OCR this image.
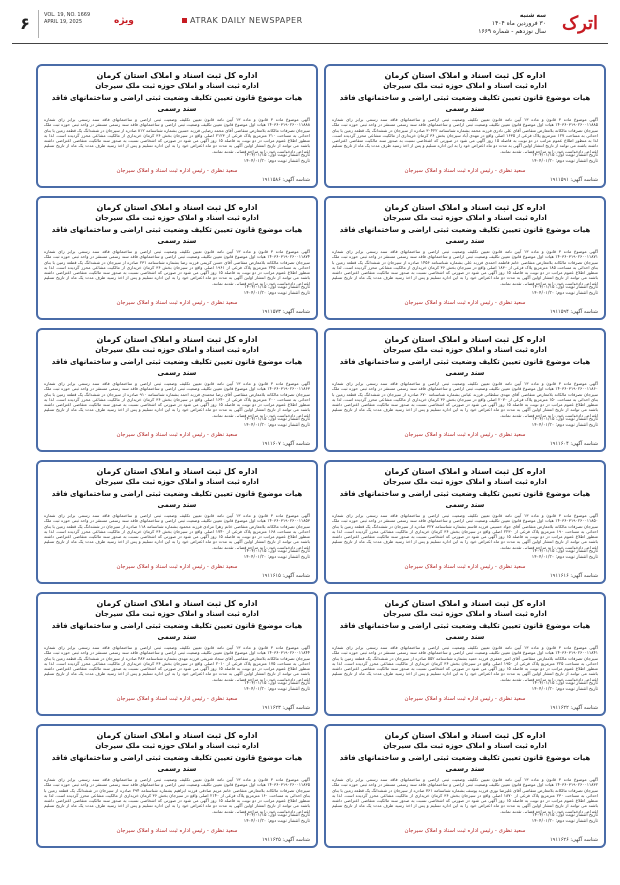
۶	VOL. 19, NO. 1669 APRIL 19, 2025	ویژه	ATRAK DAILY NEWSPAPER
سه شنبه
۳۰ فروردین ماه ۱۴۰۴
سال نوزدهم - شماره ۱۶۶۹ اترک
اداره کل ثبت اسناد و املاک استان کرمان
اداره ثبت اسناد و املاک حوزه ثبت ملک سیرجان
هیات موضوع قانون تعیین تکلیف وضعیت ثبتی اراضی و ساختمانهای فاقد سند رسمی
آگهی موضوع ماده ۳ قانون و ماده ۱۳ آیین نامه قانون تعیین تکلیف وضعیت ثبتی اراضی و ساختمانهای فاقد سند رسمی برابر رای شماره ۱۴۰۳۶۰۳۱۹۰۲۶۰۰۱۱۸۸۵ هیات اول موضوع قانون تعیین تکلیف وضعیت ثبتی اراضی و ساختمانهای فاقد سند رسمی مستقر در واحد ثبتی حوزه ثبت ملک سیرجان تصرفات مالکانه بلامعارض متقاضی آقای علی نادری فرزند محمد بشماره شناسنامه ۳۰۴۲۲ صادره از سیرجان در ششدانگ یک قطعه زمین با بنای احداثی به مساحت ۱۲۷ مترمربع پلاک فرعی از ۱۶۳۵ اصلی واقع در مهدی آباد سیرجان بخش ۳۶ کرمان خریداری از مالکیت مشاعی محرز گردیده است. لذا به منظور اطلاع عموم مراتب در دو نوبت به فاصله ۱۵ روز آگهی می شود در صورتی که اشخاصی نسبت به صدور سند مالکیت متقاضی اعتراضی داشته باشند می توانند از تاریخ انتشار اولین آگهی به مدت دو ماه اعتراض خود را به این اداره تسلیم و پس از اخذ رسید ظرف مدت یک ماه از تاریخ تسلیم اعتراض دادخواست خود را به مراجع قضایی تقدیم نمایند.
تاریخ انتشار نوبت اول: ۱۴۰۴/۰۱/۱۵
تاریخ انتشار نوبت دوم: ۱۴۰۴/۰۱/۳۰
سعید نظری - رئیس اداره ثبت اسناد و املاک سیرجان
شناسه آگهی: ۱۹۱۱۵۹۱
اداره کل ثبت اسناد و املاک استان کرمان
اداره ثبت اسناد و املاک حوزه ثبت ملک سیرجان
هیات موضوع قانون تعیین تکلیف وضعیت ثبتی اراضی و ساختمانهای فاقد سند رسمی
آگهی موضوع ماده ۳ قانون و ماده ۱۳ آیین نامه قانون تعیین تکلیف وضعیت ثبتی اراضی و ساختمانهای فاقد سند رسمی برابر رای شماره ۱۴۰۳۶۰۳۱۹۰۲۶۰۰۱۱۸۸۸ هیات اول موضوع قانون تعیین تکلیف وضعیت ثبتی اراضی و ساختمانهای فاقد سند رسمی مستقر در واحد ثبتی حوزه ثبت ملک سیرجان تصرفات مالکانه بلامعارض متقاضی آقای محمد رضایی فرزند حسین بشماره شناسنامه ۸۱۲ صادره از سیرجان در ششدانگ یک قطعه زمین با بنای احداثی به مساحت ۲۱۰ مترمربع پلاک فرعی از ۲۱۲۳ اصلی واقع در سیرجان بخش ۳۶ کرمان خریداری از مالکیت مشاعی محرز گردیده است. لذا به منظور اطلاع عموم مراتب در دو نوبت به فاصله ۱۵ روز آگهی می شود در صورتی که اشخاصی نسبت به صدور سند مالکیت متقاضی اعتراضی داشته باشند می توانند از تاریخ انتشار اولین آگهی به مدت دو ماه اعتراض خود را به این اداره تسلیم و پس از اخذ رسید ظرف مدت یک ماه از تاریخ تسلیم اعتراض دادخواست خود را به مراجع قضایی تقدیم نمایند.
تاریخ انتشار نوبت اول: ۱۴۰۴/۰۱/۱۵
تاریخ انتشار نوبت دوم: ۱۴۰۴/۰۱/۳۰
سعید نظری - رئیس اداره ثبت اسناد و املاک سیرجان
شناسه آگهی: ۱۹۱۱۵۸۶
اداره کل ثبت اسناد و املاک استان کرمان
اداره ثبت اسناد و املاک حوزه ثبت ملک سیرجان
هیات موضوع قانون تعیین تکلیف وضعیت ثبتی اراضی و ساختمانهای فاقد سند رسمی
آگهی موضوع ماده ۳ قانون و ماده ۱۳ آیین نامه قانون تعیین تکلیف وضعیت ثبتی اراضی و ساختمانهای فاقد سند رسمی برابر رای شماره ۱۴۰۳۶۰۳۱۹۰۲۶۰۰۱۱۸۷۱ هیات اول موضوع قانون تعیین تکلیف وضعیت ثبتی اراضی و ساختمانهای فاقد سند رسمی مستقر در واحد ثبتی حوزه ثبت ملک سیرجان تصرفات مالکانه بلامعارض متقاضی خانم فاطمه احمدی فرزند علی بشماره شناسنامه ۱۴۵۶ صادره از سیرجان در ششدانگ یک قطعه زمین با بنای احداثی به مساحت ۱۸۵ مترمربع پلاک فرعی از ۱۸۳۰ اصلی واقع در سیرجان بخش ۳۶ کرمان خریداری از مالکیت مشاعی محرز گردیده است. لذا به منظور اطلاع عموم مراتب در دو نوبت به فاصله ۱۵ روز آگهی می شود در صورتی که اشخاصی نسبت به صدور سند مالکیت متقاضی اعتراضی داشته باشند می توانند از تاریخ انتشار اولین آگهی به مدت دو ماه اعتراض خود را به این اداره تسلیم و پس از اخذ رسید ظرف مدت یک ماه از تاریخ تسلیم اعتراض دادخواست خود را به مراجع قضایی تقدیم نمایند.
تاریخ انتشار نوبت اول: ۱۴۰۴/۰۱/۱۵
تاریخ انتشار نوبت دوم: ۱۴۰۴/۰۱/۳۰
سعید نظری - رئیس اداره ثبت اسناد و املاک سیرجان
شناسه آگهی: ۱۹۱۱۵۹۴
اداره کل ثبت اسناد و املاک استان کرمان
اداره ثبت اسناد و املاک حوزه ثبت ملک سیرجان
هیات موضوع قانون تعیین تکلیف وضعیت ثبتی اراضی و ساختمانهای فاقد سند رسمی
آگهی موضوع ماده ۳ قانون و ماده ۱۳ آیین نامه قانون تعیین تکلیف وضعیت ثبتی اراضی و ساختمانهای فاقد سند رسمی برابر رای شماره ۱۴۰۳۶۰۳۱۹۰۲۶۰۰۱۱۸۷۴ هیات اول موضوع قانون تعیین تکلیف وضعیت ثبتی اراضی و ساختمانهای فاقد سند رسمی مستقر در واحد ثبتی حوزه ثبت ملک سیرجان تصرفات مالکانه بلامعارض متقاضی آقای حسن کریمی فرزند رضا بشماره شناسنامه ۲۳۱ صادره از سیرجان در ششدانگ یک قطعه زمین با بنای احداثی به مساحت ۲۴۵ مترمربع پلاک فرعی از ۱۹۶۱ اصلی واقع در سیرجان بخش ۳۶ کرمان خریداری از مالکیت مشاعی محرز گردیده است. لذا به منظور اطلاع عموم مراتب در دو نوبت به فاصله ۱۵ روز آگهی می شود در صورتی که اشخاصی نسبت به صدور سند مالکیت متقاضی اعتراضی داشته باشند می توانند از تاریخ انتشار اولین آگهی به مدت دو ماه اعتراض خود را به این اداره تسلیم و پس از اخذ رسید ظرف مدت یک ماه از تاریخ تسلیم اعتراض دادخواست خود را به مراجع قضایی تقدیم نمایند.
تاریخ انتشار نوبت اول: ۱۴۰۴/۰۱/۱۵
تاریخ انتشار نوبت دوم: ۱۴۰۴/۰۱/۳۰
سعید نظری - رئیس اداره ثبت اسناد و املاک سیرجان
شناسه آگهی: ۱۹۱۱۵۷۳
اداره کل ثبت اسناد و املاک استان کرمان
اداره ثبت اسناد و املاک حوزه ثبت ملک سیرجان
هیات موضوع قانون تعیین تکلیف وضعیت ثبتی اراضی و ساختمانهای فاقد سند رسمی
آگهی موضوع ماده ۳ قانون و ماده ۱۳ آیین نامه قانون تعیین تکلیف وضعیت ثبتی اراضی و ساختمانهای فاقد سند رسمی برابر رای شماره ۱۴۰۳۶۰۳۱۹۰۲۶۰۰۱۱۸۶۰ هیات اول موضوع قانون تعیین تکلیف وضعیت ثبتی اراضی و ساختمانهای فاقد سند رسمی مستقر در واحد ثبتی حوزه ثبت ملک سیرجان تصرفات مالکانه بلامعارض متقاضی آقای مهدی سلطانی فرزند عباس بشماره شناسنامه ۶۷۰ صادره از سیرجان در ششدانگ یک قطعه زمین با بنای احداثی به مساحت ۱۵۰ مترمربع پلاک فرعی از ۲۰۷۰ اصلی واقع در سیرجان بخش ۳۶ کرمان خریداری از مالکیت مشاعی محرز گردیده است. لذا به منظور اطلاع عموم مراتب در دو نوبت به فاصله ۱۵ روز آگهی می شود در صورتی که اشخاصی نسبت به صدور سند مالکیت متقاضی اعتراضی داشته باشند می توانند از تاریخ انتشار اولین آگهی به مدت دو ماه اعتراض خود را به این اداره تسلیم و پس از اخذ رسید ظرف مدت یک ماه از تاریخ تسلیم اعتراض دادخواست خود را به مراجع قضایی تقدیم نمایند.
تاریخ انتشار نوبت اول: ۱۴۰۴/۰۱/۱۵
تاریخ انتشار نوبت دوم: ۱۴۰۴/۰۱/۳۰
سعید نظری - رئیس اداره ثبت اسناد و املاک سیرجان
شناسه آگهی: ۱۹۱۱۶۰۴
اداره کل ثبت اسناد و املاک استان کرمان
اداره ثبت اسناد و املاک حوزه ثبت ملک سیرجان
هیات موضوع قانون تعیین تکلیف وضعیت ثبتی اراضی و ساختمانهای فاقد سند رسمی
آگهی موضوع ماده ۳ قانون و ماده ۱۳ آیین نامه قانون تعیین تکلیف وضعیت ثبتی اراضی و ساختمانهای فاقد سند رسمی برابر رای شماره ۱۴۰۳۶۰۳۱۹۰۲۶۰۰۱۱۸۶۳ هیات اول موضوع قانون تعیین تکلیف وضعیت ثبتی اراضی و ساختمانهای فاقد سند رسمی مستقر در واحد ثبتی حوزه ثبت ملک سیرجان تصرفات مالکانه بلامعارض متقاضی آقای رضا محمدی فرزند احمد بشماره شناسنامه ۹۱۰ صادره از سیرجان در ششدانگ یک قطعه زمین با بنای احداثی به مساحت ۲۰۰ مترمربع پلاک فرعی از ۱۶۴۰ اصلی واقع در سیرجان بخش ۳۶ کرمان خریداری از مالکیت مشاعی محرز گردیده است. لذا به منظور اطلاع عموم مراتب در دو نوبت به فاصله ۱۵ روز آگهی می شود در صورتی که اشخاصی نسبت به صدور سند مالکیت متقاضی اعتراضی داشته باشند می توانند از تاریخ انتشار اولین آگهی به مدت دو ماه اعتراض خود را به این اداره تسلیم و پس از اخذ رسید ظرف مدت یک ماه از تاریخ تسلیم اعتراض دادخواست خود را به مراجع قضایی تقدیم نمایند.
تاریخ انتشار نوبت اول: ۱۴۰۴/۰۱/۱۵
تاریخ انتشار نوبت دوم: ۱۴۰۴/۰۱/۳۰
سعید نظری - رئیس اداره ثبت اسناد و املاک سیرجان
شناسه آگهی: ۱۹۱۱۶۰۷
اداره کل ثبت اسناد و املاک استان کرمان
اداره ثبت اسناد و املاک حوزه ثبت ملک سیرجان
هیات موضوع قانون تعیین تکلیف وضعیت ثبتی اراضی و ساختمانهای فاقد سند رسمی
آگهی موضوع ماده ۳ قانون و ماده ۱۳ آیین نامه قانون تعیین تکلیف وضعیت ثبتی اراضی و ساختمانهای فاقد سند رسمی برابر رای شماره ۱۴۰۳۶۰۳۱۹۰۲۶۰۰۱۱۸۵۰ هیات اول موضوع قانون تعیین تکلیف وضعیت ثبتی اراضی و ساختمانهای فاقد سند رسمی مستقر در واحد ثبتی حوزه ثبت ملک سیرجان تصرفات مالکانه بلامعارض متقاضی آقای جواد حسینی فرزند قاسم بشماره شناسنامه ۳۲۷ صادره از سیرجان در ششدانگ یک قطعه زمین با بنای احداثی به مساحت ۱۹۰ مترمربع پلاک فرعی از ۲۲۳۰ اصلی واقع در سیرجان بخش ۳۶ کرمان خریداری از مالکیت مشاعی محرز گردیده است. لذا به منظور اطلاع عموم مراتب در دو نوبت به فاصله ۱۵ روز آگهی می شود در صورتی که اشخاصی نسبت به صدور سند مالکیت متقاضی اعتراضی داشته باشند می توانند از تاریخ انتشار اولین آگهی به مدت دو ماه اعتراض خود را به این اداره تسلیم و پس از اخذ رسید ظرف مدت یک ماه از تاریخ تسلیم اعتراض دادخواست خود را به مراجع قضایی تقدیم نمایند.
تاریخ انتشار نوبت اول: ۱۴۰۴/۰۱/۱۵
تاریخ انتشار نوبت دوم: ۱۴۰۴/۰۱/۳۰
سعید نظری - رئیس اداره ثبت اسناد و املاک سیرجان
شناسه آگهی: ۱۹۱۱۶۱۶
اداره کل ثبت اسناد و املاک استان کرمان
اداره ثبت اسناد و املاک حوزه ثبت ملک سیرجان
هیات موضوع قانون تعیین تکلیف وضعیت ثبتی اراضی و ساختمانهای فاقد سند رسمی
آگهی موضوع ماده ۳ قانون و ماده ۱۳ آیین نامه قانون تعیین تکلیف وضعیت ثبتی اراضی و ساختمانهای فاقد سند رسمی برابر رای شماره ۱۴۰۳۶۰۳۱۹۰۲۶۰۰۱۱۸۵۳ هیات اول موضوع قانون تعیین تکلیف وضعیت ثبتی اراضی و ساختمانهای فاقد سند رسمی مستقر در واحد ثبتی حوزه ثبت ملک سیرجان تصرفات مالکانه بلامعارض متقاضی خانم زهرا مرادی فرزند محمود بشماره شناسنامه ۱۱۸ صادره از سیرجان در ششدانگ یک قطعه زمین با بنای احداثی به مساحت ۱۶۸ مترمربع پلاک فرعی از ۱۷۴۰ اصلی واقع در سیرجان بخش ۳۶ کرمان خریداری از مالکیت مشاعی محرز گردیده است. لذا به منظور اطلاع عموم مراتب در دو نوبت به فاصله ۱۵ روز آگهی می شود در صورتی که اشخاصی نسبت به صدور سند مالکیت متقاضی اعتراضی داشته باشند می توانند از تاریخ انتشار اولین آگهی به مدت دو ماه اعتراض خود را به این اداره تسلیم و پس از اخذ رسید ظرف مدت یک ماه از تاریخ تسلیم اعتراض دادخواست خود را به مراجع قضایی تقدیم نمایند.
تاریخ انتشار نوبت اول: ۱۴۰۴/۰۱/۱۵
تاریخ انتشار نوبت دوم: ۱۴۰۴/۰۱/۳۰
سعید نظری - رئیس اداره ثبت اسناد و املاک سیرجان
شناسه آگهی: ۱۹۱۱۶۱۵
اداره کل ثبت اسناد و املاک استان کرمان
اداره ثبت اسناد و املاک حوزه ثبت ملک سیرجان
هیات موضوع قانون تعیین تکلیف وضعیت ثبتی اراضی و ساختمانهای فاقد سند رسمی
آگهی موضوع ماده ۳ قانون و ماده ۱۳ آیین نامه قانون تعیین تکلیف وضعیت ثبتی اراضی و ساختمانهای فاقد سند رسمی برابر رای شماره ۱۴۰۳۶۰۳۱۹۰۲۶۰۰۱۱۸۴۱ هیات اول موضوع قانون تعیین تکلیف وضعیت ثبتی اراضی و ساختمانهای فاقد سند رسمی مستقر در واحد ثبتی حوزه ثبت ملک سیرجان تصرفات مالکانه بلامعارض متقاضی آقای امیر جعفری فرزند حمید بشماره شناسنامه ۵۵۲ صادره از سیرجان در ششدانگ یک قطعه زمین با بنای احداثی به مساحت ۲۲۵ مترمربع پلاک فرعی از ۱۹۵۰ اصلی واقع در سیرجان بخش ۳۶ کرمان خریداری از مالکیت مشاعی محرز گردیده است. لذا به منظور اطلاع عموم مراتب در دو نوبت به فاصله ۱۵ روز آگهی می شود در صورتی که اشخاصی نسبت به صدور سند مالکیت متقاضی اعتراضی داشته باشند می توانند از تاریخ انتشار اولین آگهی به مدت دو ماه اعتراض خود را به این اداره تسلیم و پس از اخذ رسید ظرف مدت یک ماه از تاریخ تسلیم اعتراض دادخواست خود را به مراجع قضایی تقدیم نمایند.
تاریخ انتشار نوبت اول: ۱۴۰۴/۰۱/۱۵
تاریخ انتشار نوبت دوم: ۱۴۰۴/۰۱/۳۰
سعید نظری - رئیس اداره ثبت اسناد و املاک سیرجان
شناسه آگهی: ۱۹۱۱۶۲۲
اداره کل ثبت اسناد و املاک استان کرمان
اداره ثبت اسناد و املاک حوزه ثبت ملک سیرجان
هیات موضوع قانون تعیین تکلیف وضعیت ثبتی اراضی و ساختمانهای فاقد سند رسمی
آگهی موضوع ماده ۳ قانون و ماده ۱۳ آیین نامه قانون تعیین تکلیف وضعیت ثبتی اراضی و ساختمانهای فاقد سند رسمی برابر رای شماره ۱۴۰۳۶۰۳۱۹۰۲۶۰۰۱۱۸۴۴ هیات اول موضوع قانون تعیین تکلیف وضعیت ثبتی اراضی و ساختمانهای فاقد سند رسمی مستقر در واحد ثبتی حوزه ثبت ملک سیرجان تصرفات مالکانه بلامعارض متقاضی آقای سجاد شریفی فرزند مهدی بشماره شناسنامه ۴۸۳ صادره از سیرجان در ششدانگ یک قطعه زمین با بنای احداثی به مساحت ۱۷۵ مترمربع پلاک فرعی از ۲۰۱۰ اصلی واقع در سیرجان بخش ۳۶ کرمان خریداری از مالکیت مشاعی محرز گردیده است. لذا به منظور اطلاع عموم مراتب در دو نوبت به فاصله ۱۵ روز آگهی می شود در صورتی که اشخاصی نسبت به صدور سند مالکیت متقاضی اعتراضی داشته باشند می توانند از تاریخ انتشار اولین آگهی به مدت دو ماه اعتراض خود را به این اداره تسلیم و پس از اخذ رسید ظرف مدت یک ماه از تاریخ تسلیم اعتراض دادخواست خود را به مراجع قضایی تقدیم نمایند.
تاریخ انتشار نوبت اول: ۱۴۰۴/۰۱/۱۵
تاریخ انتشار نوبت دوم: ۱۴۰۴/۰۱/۳۰
سعید نظری - رئیس اداره ثبت اسناد و املاک سیرجان
شناسه آگهی: ۱۹۱۱۶۲۳
اداره کل ثبت اسناد و املاک استان کرمان
اداره ثبت اسناد و املاک حوزه ثبت ملک سیرجان
هیات موضوع قانون تعیین تکلیف وضعیت ثبتی اراضی و ساختمانهای فاقد سند رسمی
آگهی موضوع ماده ۳ قانون و ماده ۱۳ آیین نامه قانون تعیین تکلیف وضعیت ثبتی اراضی و ساختمانهای فاقد سند رسمی برابر رای شماره ۱۴۰۳۶۰۳۱۹۰۲۶۰۰۱۱۸۳۲ هیات اول موضوع قانون تعیین تکلیف وضعیت ثبتی اراضی و ساختمانهای فاقد سند رسمی مستقر در واحد ثبتی حوزه ثبت ملک سیرجان تصرفات مالکانه بلامعارض متقاضی آقای علیرضا نوری فرزند یوسف بشماره شناسنامه ۷۶۱ صادره از سیرجان در ششدانگ یک قطعه زمین با بنای احداثی به مساحت ۲۳۰ مترمربع پلاک فرعی از ۱۸۷۰ اصلی واقع در سیرجان بخش ۳۶ کرمان خریداری از مالکیت مشاعی محرز گردیده است. لذا به منظور اطلاع عموم مراتب در دو نوبت به فاصله ۱۵ روز آگهی می شود در صورتی که اشخاصی نسبت به صدور سند مالکیت متقاضی اعتراضی داشته باشند می توانند از تاریخ انتشار اولین آگهی به مدت دو ماه اعتراض خود را به این اداره تسلیم و پس از اخذ رسید ظرف مدت یک ماه از تاریخ تسلیم اعتراض دادخواست خود را به مراجع قضایی تقدیم نمایند.
تاریخ انتشار نوبت اول: ۱۴۰۴/۰۱/۱۵
تاریخ انتشار نوبت دوم: ۱۴۰۴/۰۱/۳۰
سعید نظری - رئیس اداره ثبت اسناد و املاک سیرجان
شناسه آگهی: ۱۹۱۱۶۲۶
اداره کل ثبت اسناد و املاک استان کرمان
اداره ثبت اسناد و املاک حوزه ثبت ملک سیرجان
هیات موضوع قانون تعیین تکلیف وضعیت ثبتی اراضی و ساختمانهای فاقد سند رسمی
آگهی موضوع ماده ۳ قانون و ماده ۱۳ آیین نامه قانون تعیین تکلیف وضعیت ثبتی اراضی و ساختمانهای فاقد سند رسمی برابر رای شماره ۱۴۰۳۶۰۳۱۹۰۲۶۰۰۱۱۸۳۵ هیات اول موضوع قانون تعیین تکلیف وضعیت ثبتی اراضی و ساختمانهای فاقد سند رسمی مستقر در واحد ثبتی حوزه ثبت ملک سیرجان تصرفات مالکانه بلامعارض متقاضی خانم مریم صادقی فرزند ابراهیم بشماره شناسنامه ۲۹۴ صادره از سیرجان در ششدانگ یک قطعه زمین با بنای احداثی به مساحت ۱۶۰ مترمربع پلاک فرعی از ۲۱۴۰ اصلی واقع در سیرجان بخش ۳۶ کرمان خریداری از مالکیت مشاعی محرز گردیده است. لذا به منظور اطلاع عموم مراتب در دو نوبت به فاصله ۱۵ روز آگهی می شود در صورتی که اشخاصی نسبت به صدور سند مالکیت متقاضی اعتراضی داشته باشند می توانند از تاریخ انتشار اولین آگهی به مدت دو ماه اعتراض خود را به این اداره تسلیم و پس از اخذ رسید ظرف مدت یک ماه از تاریخ تسلیم اعتراض دادخواست خود را به مراجع قضایی تقدیم نمایند.
تاریخ انتشار نوبت اول: ۱۴۰۴/۰۱/۱۵
تاریخ انتشار نوبت دوم: ۱۴۰۴/۰۱/۳۰
سعید نظری - رئیس اداره ثبت اسناد و املاک سیرجان
شناسه آگهی: ۱۹۱۱۶۲۵
